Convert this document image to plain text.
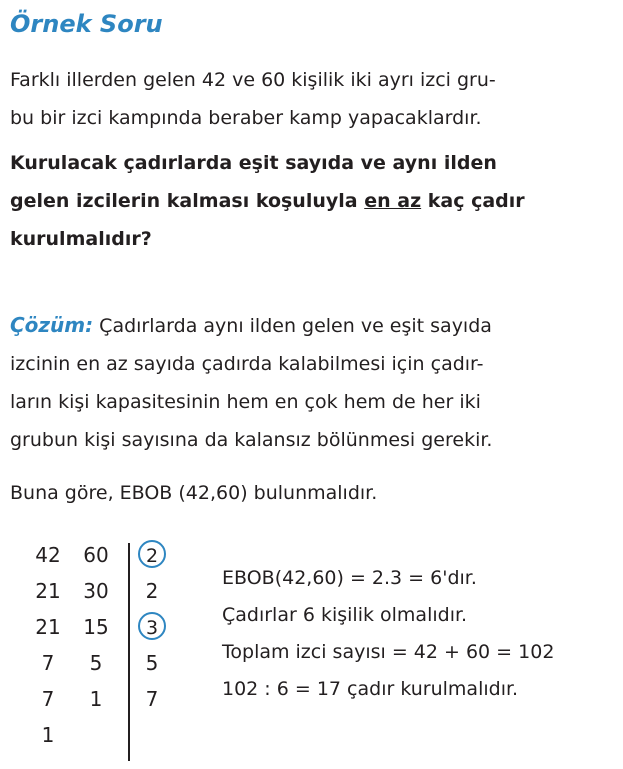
Örnek Soru
Farklı illerden gelen 42 ve 60 kişilik iki ayrı izci gru-
bu bir izci kampında beraber kamp yapacaklardır.
Kurulacak çadırlarda eşit sayıda ve aynı ilden
gelen izcilerin kalması koşuluyla en az kaç çadır
kurulmalıdır?
Çözüm: Çadırlarda aynı ilden gelen ve eşit sayıda
izcinin en az sayıda çadırda kalabilmesi için çadır-
ların kişi kapasitesinin hem en çok hem de her iki
grubun kişi sayısına da kalansız bölünmesi gerekir.
Buna göre, EBOB (42,60) bulunmalıdır.
42	60	2
21	30	2
21	15	3
7	5	5
7	1	7
1
EBOB(42,60) = 2.3 = 6'dır.
Çadırlar 6 kişilik olmalıdır.
Toplam izci sayısı = 42 + 60 = 102
102 : 6 = 17 çadır kurulmalıdır.
